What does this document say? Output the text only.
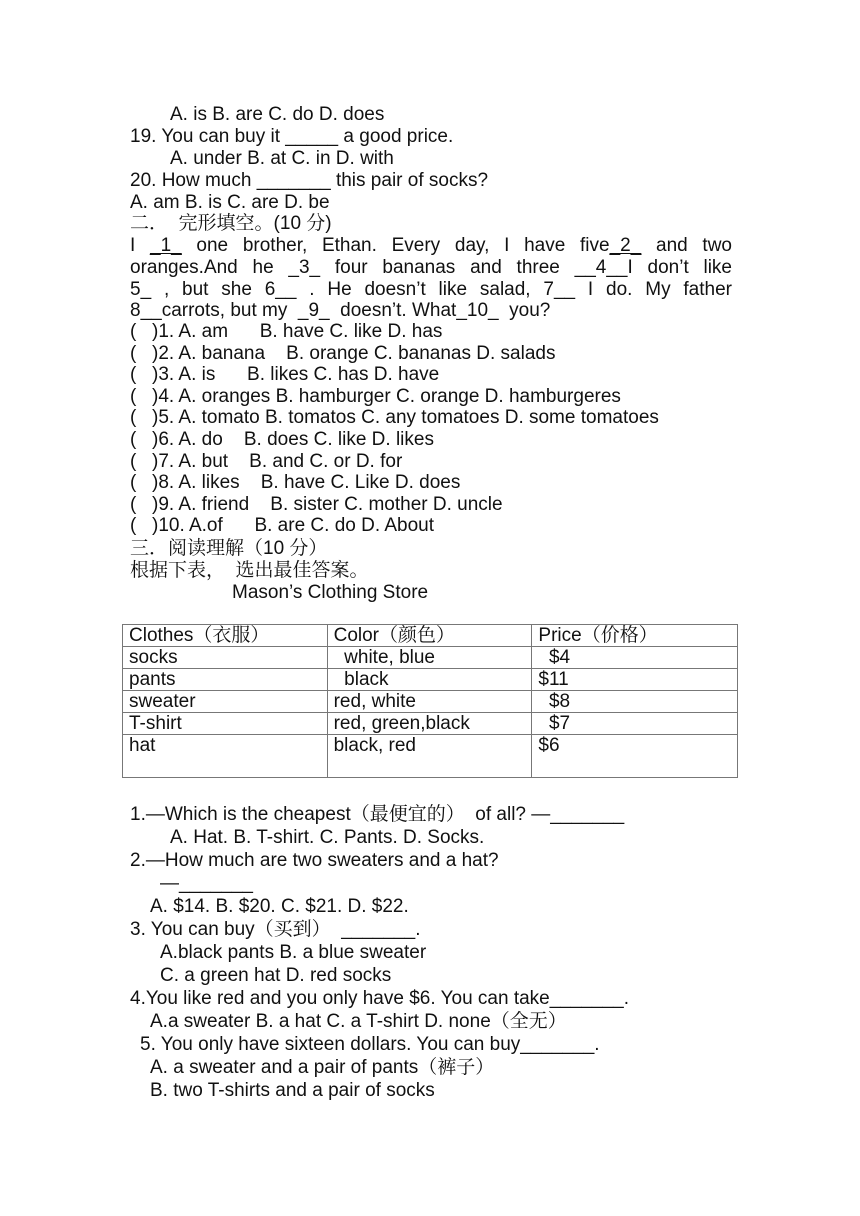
A. is B. are C. do D. does
19. You can buy it _____ a good price.
A. under B. at C. in D. with
20. How much _______ this pair of socks?
A. am B. is C. are D. be
二．  完形填空。(10 分)
I _1_ one brother, Ethan. Every day, I have five_2_ and two
oranges.And he _3_ four bananas and three __4__I don’t like
5_ , but she 6__ . He doesn’t like salad, 7__ I do. My father
8__carrots, but my  _9_  doesn’t. What_10_  you?
( )1. A. am      B. have C. like D. has
( )2. A. banana    B. orange C. bananas D. salads
( )3. A. is      B. likes C. has D. have
( )4. A. oranges B. hamburger C. orange D. hamburgeres
( )5. A. tomato B. tomatos C. any tomatoes D. some tomatoes
( )6. A. do    B. does C. like D. likes
( )7. A. but    B. and C. or D. for
( )8. A. likes    B. have C. Like D. does
( )9. A. friend    B. sister C. mother D. uncle
( )10. A.of      B. are C. do D. About
三．阅读理解（10 分）
根据下表，  选出最佳答案。
Mason’s Clothing Store
Clothes（衣服）	Color（颜色）	Price（价格）
socks	white, blue	$4
pants	black	$11
sweater	red, white	$8
T-shirt	red, green,black	$7
hat	black, red	$6
1.—Which is the cheapest（最便宜的）  of all? —_______
A. Hat. B. T-shirt. C. Pants. D. Socks.
2.—How much are two sweaters and a hat?
—_______
A. $14. B. $20. C. $21. D. $22.
3. You can buy（买到）  _______.
A.black pants B. a blue sweater
C. a green hat D. red socks
4.You like red and you only have $6. You can take_______.
A.a sweater B. a hat C. a T-shirt D. none（全无）
5. You only have sixteen dollars. You can buy_______.
A. a sweater and a pair of pants（裤子）
B. two T-shirts and a pair of socks
